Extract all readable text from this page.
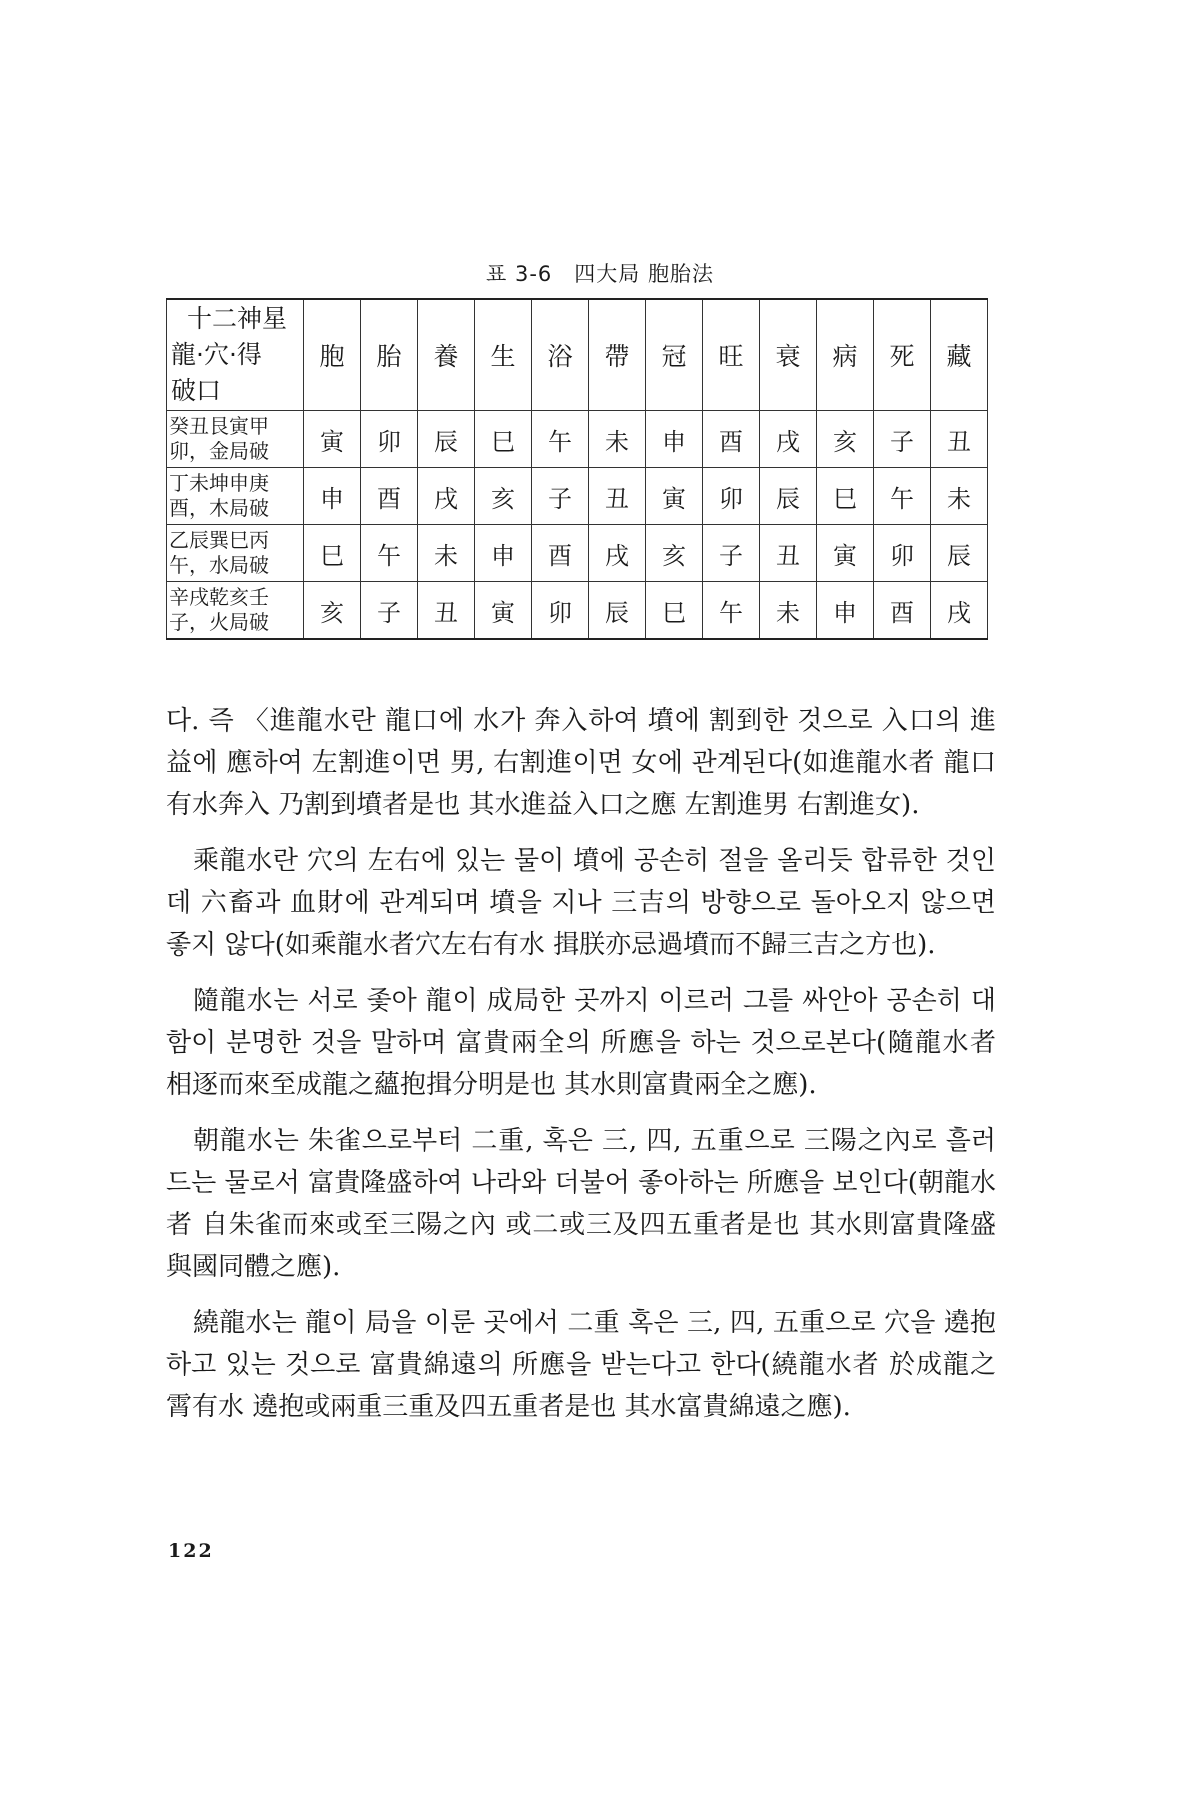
표 3-6　四大局 胞胎法
十二神星
龍·穴·得
破口	胞	胎	養	生	浴	帶	冠	旺	衰	病	死	藏

癸丑艮寅甲
卯，金局破	寅	卯	辰	巳	午	未	申	酉	戌	亥	子	丑

丁未坤申庚
酉，木局破	申	酉	戌	亥	子	丑	寅	卯	辰	巳	午	未

乙辰巽巳丙
午，水局破	巳	午	未	申	酉	戌	亥	子	丑	寅	卯	辰

辛戌乾亥壬
子，火局破	亥	子	丑	寅	卯	辰	巳	午	未	申	酉	戌

다. 즉 〈進龍水란 龍口에 水가 奔入하여 墳에 割到한 것으로 入口의 進益에 應하여 左割進이면 男, 右割進이면 女에 관계된다(如進龍水者 龍口有水奔入 乃割到墳者是也 其水進益入口之應 左割進男 右割進女).

乘龍水란 穴의 左右에 있는 물이 墳에 공손히 절을 올리듯 합류한 것인데 六畜과 血財에 관계되며 墳을 지나 三吉의 방향으로 돌아오지 않으면 좋지 않다(如乘龍水者穴左右有水 揖朕亦忌過墳而不歸三吉之方也).

隨龍水는 서로 좇아 龍이 成局한 곳까지 이르러 그를 싸안아 공손히 대함이 분명한 것을 말하며 富貴兩全의 所應을 하는 것으로본다(隨龍水者相逐而來至成龍之蘊抱揖分明是也 其水則富貴兩全之應).

朝龍水는 朱雀으로부터 二重, 혹은 三, 四, 五重으로 三陽之內로 흘러드는 물로서 富貴隆盛하여 나라와 더불어 좋아하는 所應을 보인다(朝龍水者 自朱雀而來或至三陽之內 或二或三及四五重者是也 其水則富貴隆盛與國同體之應).

繞龍水는 龍이 局을 이룬 곳에서 二重 혹은 三, 四, 五重으로 穴을 遶抱하고 있는 것으로 富貴綿遠의 所應을 받는다고 한다(繞龍水者 於成龍之霄有水 遶抱或兩重三重及四五重者是也 其水富貴綿遠之應).

122
